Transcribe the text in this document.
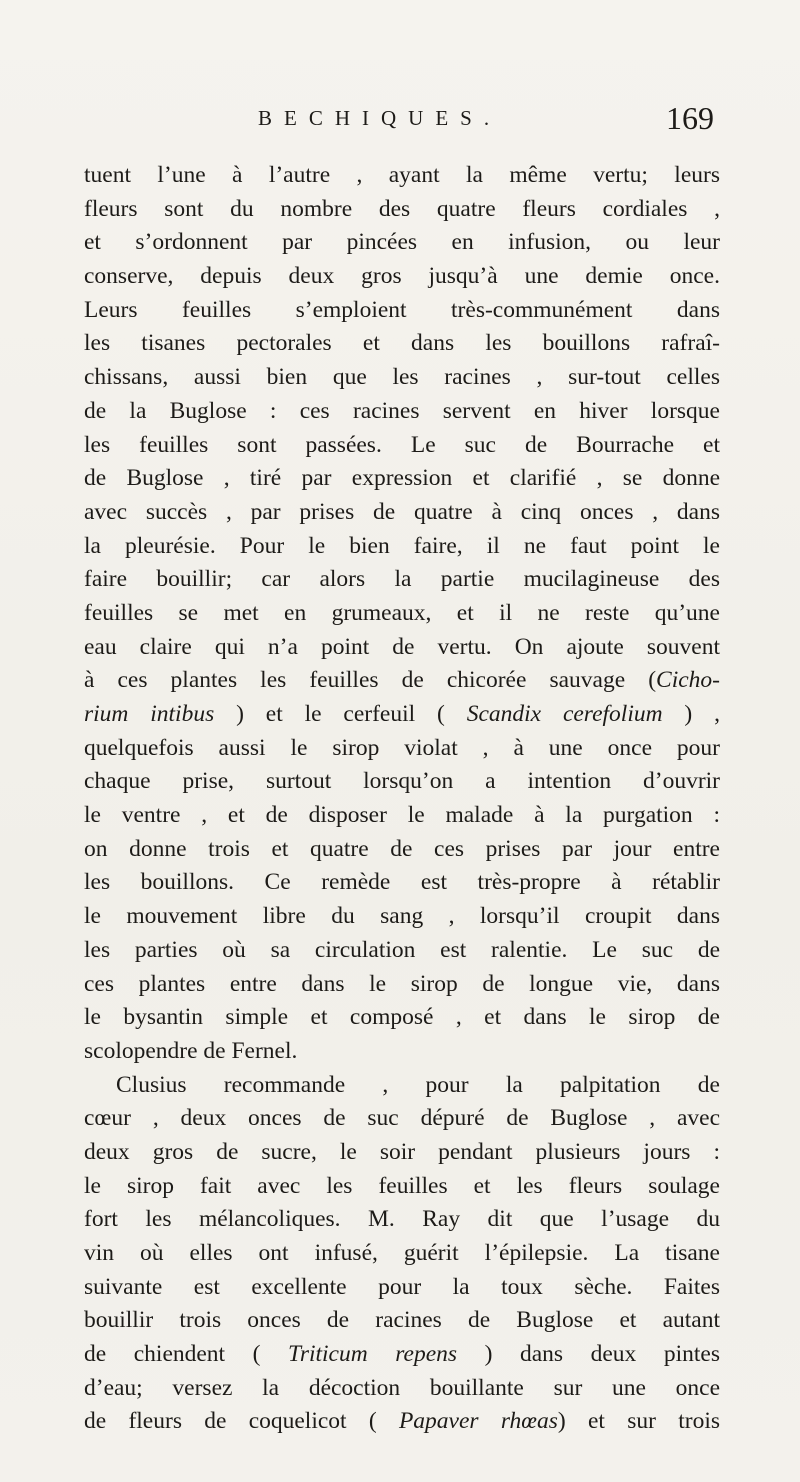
BECHIQUES.	169
tuent l’une à l’autre , ayant la même vertu; leurs
fleurs sont du nombre des quatre fleurs cordiales ,
et s’ordonnent par pincées en infusion, ou leur
conserve, depuis deux gros jusqu’à une demie once.
Leurs feuilles s’emploient très-communément dans
les tisanes pectorales et dans les bouillons rafraî-
chissans, aussi bien que les racines , sur-tout celles
de la Buglose : ces racines servent en hiver lorsque
les feuilles sont passées. Le suc de Bourrache et
de Buglose , tiré par expression et clarifié , se donne
avec succès , par prises de quatre à cinq onces , dans
la pleurésie. Pour le bien faire, il ne faut point le
faire bouillir; car alors la partie mucilagineuse des
feuilles se met en grumeaux, et il ne reste qu’une
eau claire qui n’a point de vertu. On ajoute souvent
à ces plantes les feuilles de chicorée sauvage (Cicho-
rium intibus ) et le cerfeuil ( Scandix cerefolium ) ,
quelquefois aussi le sirop violat , à une once pour
chaque prise, surtout lorsqu’on a intention d’ouvrir
le ventre , et de disposer le malade à la purgation :
on donne trois et quatre de ces prises par jour entre
les bouillons. Ce remède est très-propre à rétablir
le mouvement libre du sang , lorsqu’il croupit dans
les parties où sa circulation est ralentie. Le suc de
ces plantes entre dans le sirop de longue vie, dans
le bysantin simple et composé , et dans le sirop de
scolopendre de Fernel.
Clusius recommande , pour la palpitation de
cœur , deux onces de suc dépuré de Buglose , avec
deux gros de sucre, le soir pendant plusieurs jours :
le sirop fait avec les feuilles et les fleurs soulage
fort les mélancoliques. M. Ray dit que l’usage du
vin où elles ont infusé, guérit l’épilepsie. La tisane
suivante est excellente pour la toux sèche. Faites
bouillir trois onces de racines de Buglose et autant
de chiendent ( Triticum repens ) dans deux pintes
d’eau; versez la décoction bouillante sur une once
de fleurs de coquelicot ( Papaver rhœas) et sur trois
